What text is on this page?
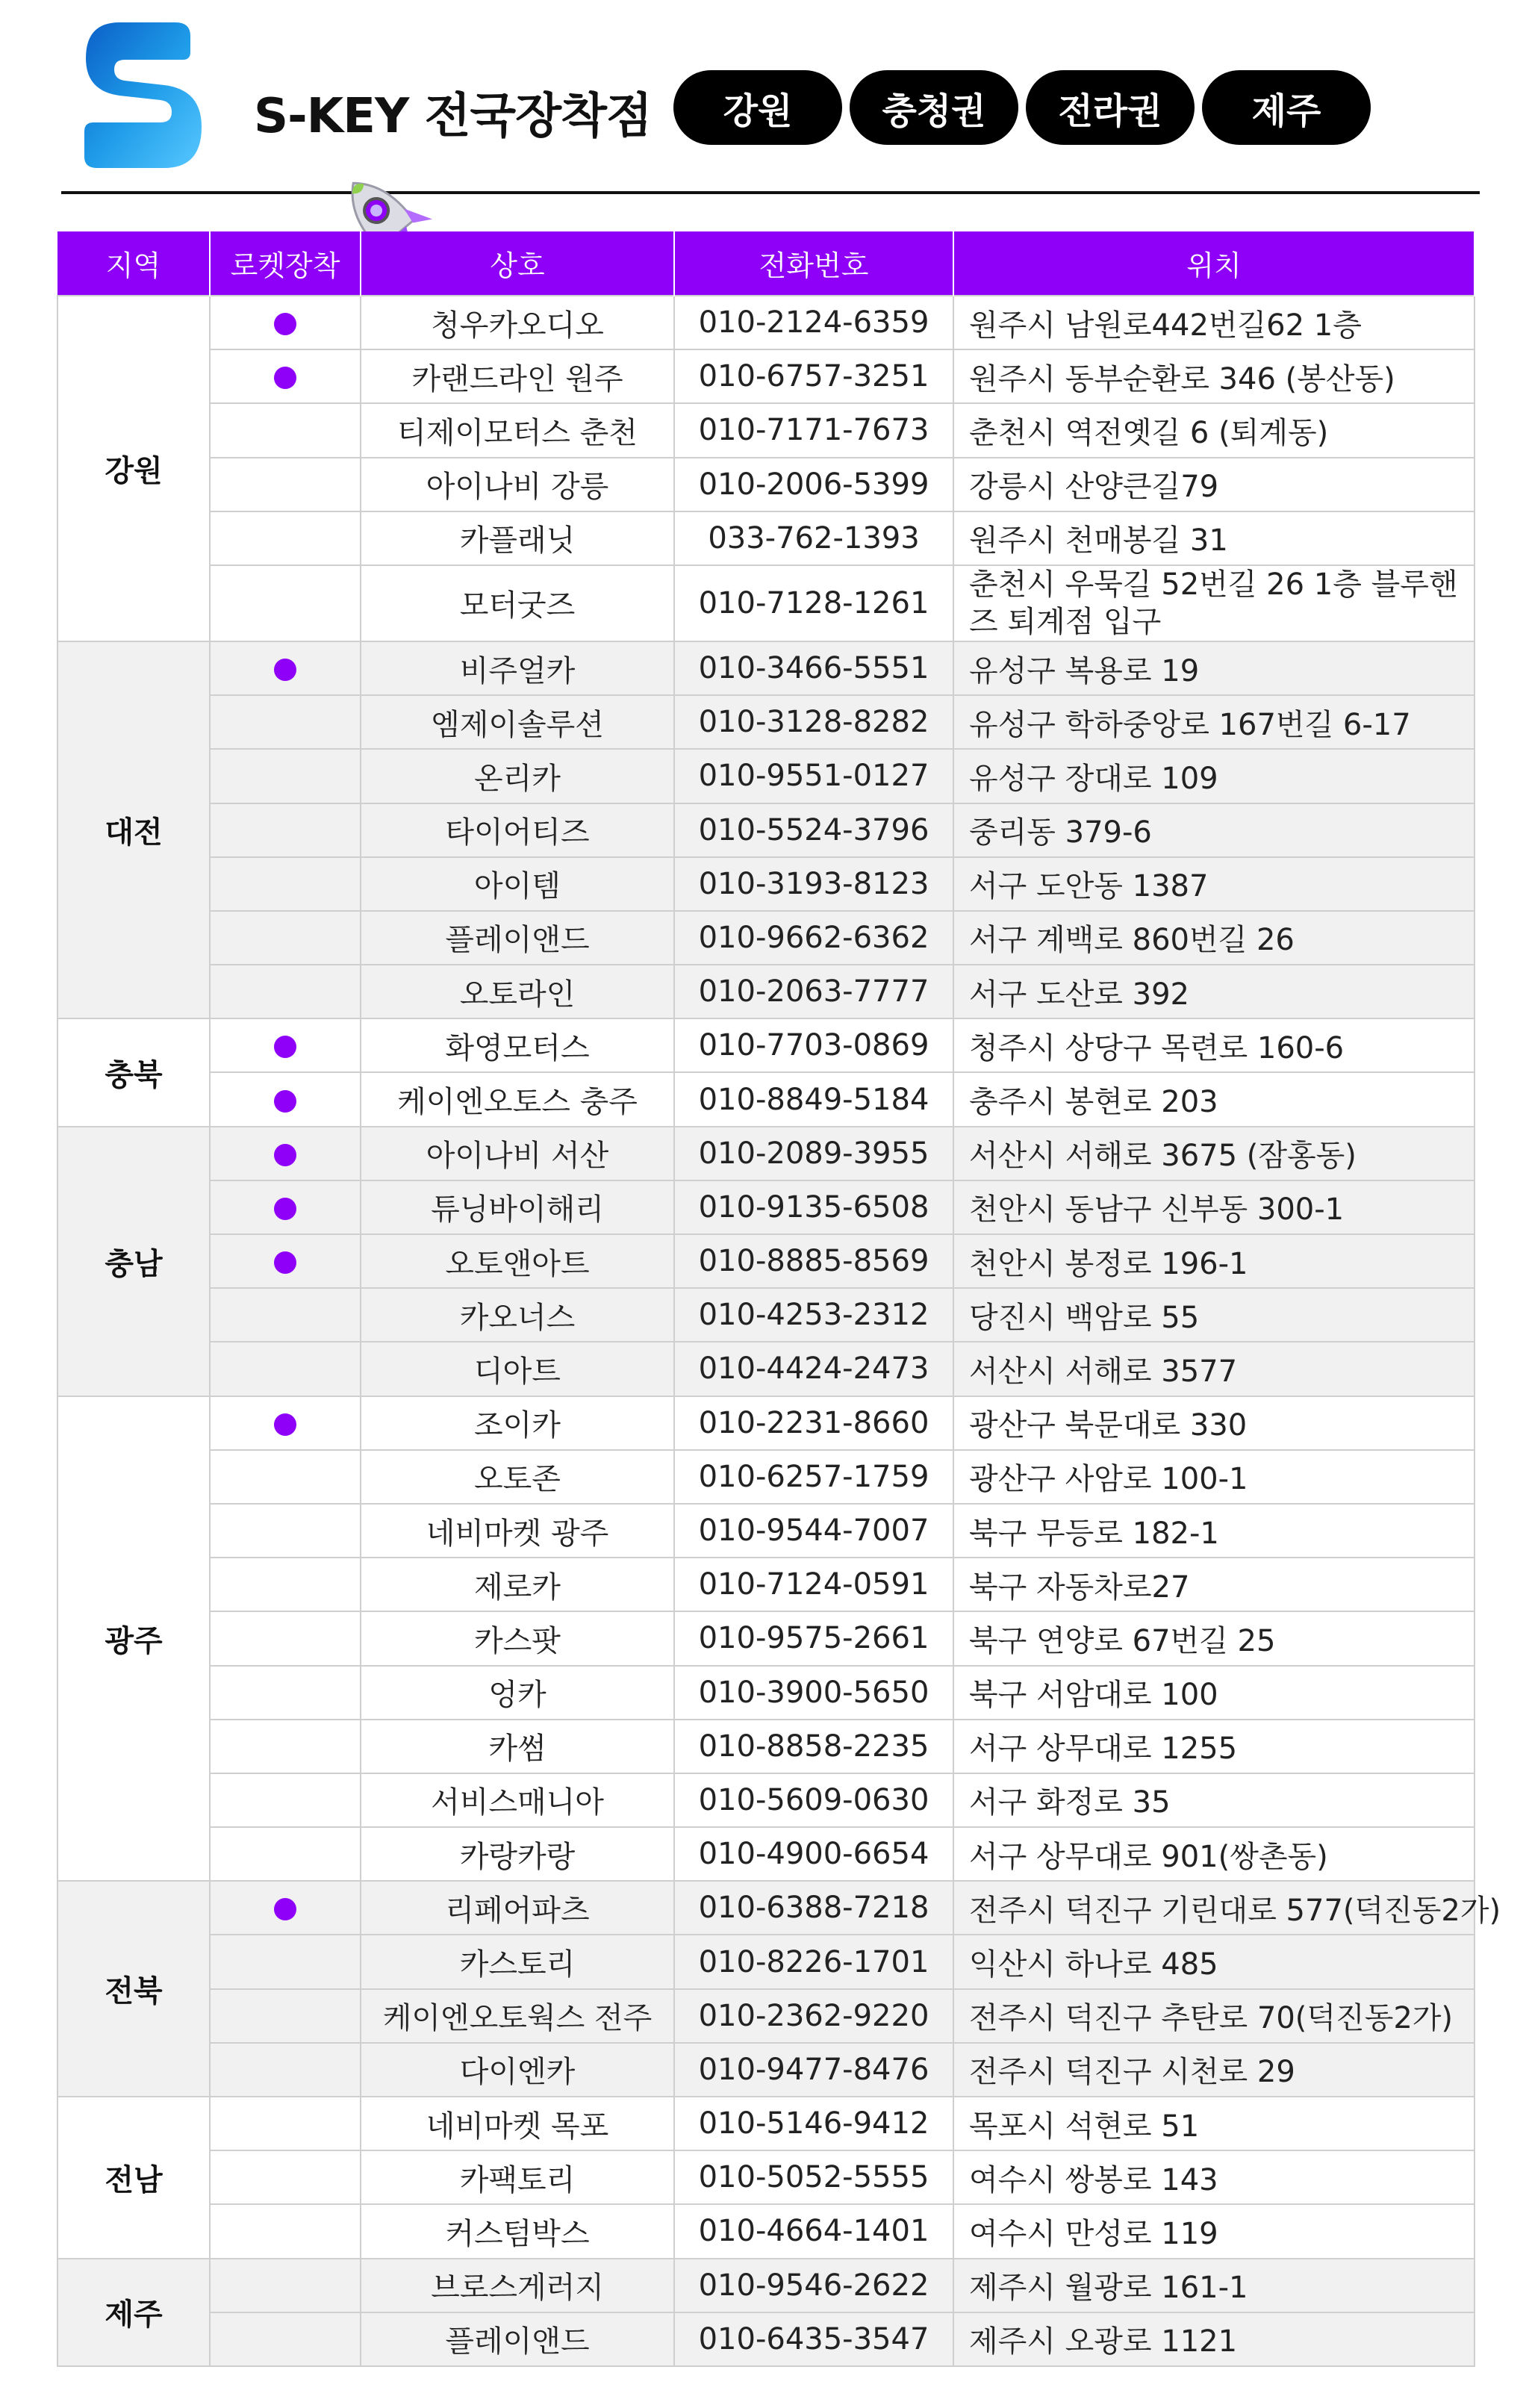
S-KEY 전국장착점	강원	충청권	전라권	제주
지역	로켓장착	상호	전화번호	위치
강원		청우카오디오	010-2124-6359	원주시 남원로442번길62 1층
		카랜드라인 원주	010-6757-3251	원주시 동부순환로 346 (봉산동)
		티제이모터스 춘천	010-7171-7673	춘천시 역전옛길 6 (퇴계동)
		아이나비 강릉	010-2006-5399	강릉시 산양큰길79
		카플래닛	033-762-1393	원주시 천매봉길 31
		모터굿즈	010-7128-1261	춘천시 우묵길 52번길 26 1층 블루핸즈 퇴계점 입구
대전		비주얼카	010-3466-5551	유성구 복용로 19
		엠제이솔루션	010-3128-8282	유성구 학하중앙로 167번길 6-17
		온리카	010-9551-0127	유성구 장대로 109
		타이어티즈	010-5524-3796	중리동 379-6
		아이템	010-3193-8123	서구 도안동 1387
		플레이앤드	010-9662-6362	서구 계백로 860번길 26
		오토라인	010-2063-7777	서구 도산로 392
충북		화영모터스	010-7703-0869	청주시 상당구 목련로 160-6
		케이엔오토스 충주	010-8849-5184	충주시 봉현로 203
충남		아이나비 서산	010-2089-3955	서산시 서해로 3675 (잠홍동)
		튜닝바이해리	010-9135-6508	천안시 동남구 신부동 300-1
		오토앤아트	010-8885-8569	천안시 봉정로 196-1
		카오너스	010-4253-2312	당진시 백암로 55
		디아트	010-4424-2473	서산시 서해로 3577
광주		조이카	010-2231-8660	광산구 북문대로 330
		오토존	010-6257-1759	광산구 사암로 100-1
		네비마켓 광주	010-9544-7007	북구 무등로 182-1
		제로카	010-7124-0591	북구 자동차로27
		카스팟	010-9575-2661	북구 연양로 67번길 25
		엉카	010-3900-5650	북구 서암대로 100
		카썸	010-8858-2235	서구 상무대로 1255
		서비스매니아	010-5609-0630	서구 화정로 35
		카랑카랑	010-4900-6654	서구 상무대로 901(쌍촌동)
전북		리페어파츠	010-6388-7218	전주시 덕진구 기린대로 577(덕진동2가)
		카스토리	010-8226-1701	익산시 하나로 485
		케이엔오토웍스 전주	010-2362-9220	전주시 덕진구 추탄로 70(덕진동2가)
		다이엔카	010-9477-8476	전주시 덕진구 시천로 29
전남		네비마켓 목포	010-5146-9412	목포시 석현로 51
		카팩토리	010-5052-5555	여수시 쌍봉로 143
		커스텀박스	010-4664-1401	여수시 만성로 119
제주		브로스게러지	010-9546-2622	제주시 월광로 161-1
		플레이앤드	010-6435-3547	제주시 오광로 1121
